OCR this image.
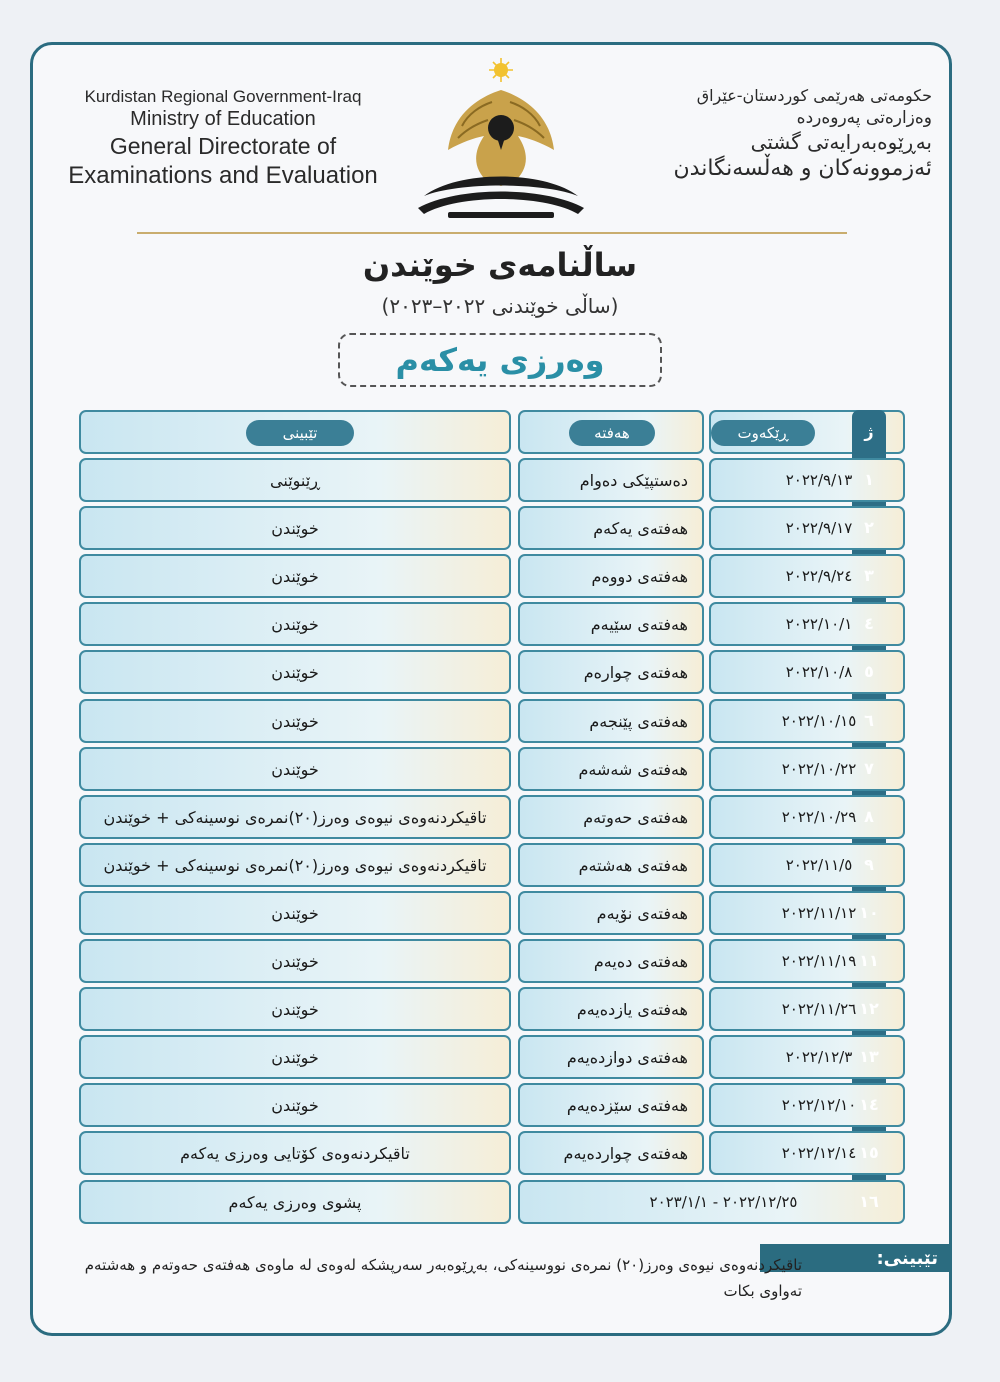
Kurdistan Regional Government-Iraq
Ministry of Education
General Directorate of
Examinations and Evaluation
حکومەتی هەرێمی کوردستان-عێراق
وەزارەتی پەروەردە
بەڕێوەبەرایەتی گشتی
ئەزموونەکان و هەڵسەنگاندن
ساڵنامەی خوێندن
(ساڵی خوێندنی ٢٠٢٢–٢٠٢٣)
وەرزی یەکەم
تێبینی	هەفتە	ڕێکەوت	ژ
ڕێنوێنی	دەستپێکی دەوام	٢٠٢٢/٩/١٣ ١
خوێندن	هەفتەی یەکەم	٢٠٢٢/٩/١٧ ٢
خوێندن	هەفتەی دووەم	٢٠٢٢/٩/٢٤ ٣
خوێندن	هەفتەی سێیەم	٢٠٢٢/١٠/١ ٤
خوێندن	هەفتەی چوارەم	٢٠٢٢/١٠/٨ ٥
خوێندن	هەفتەی پێنجەم	٢٠٢٢/١٠/١٥ ٦
خوێندن	هەفتەی شەشەم	٢٠٢٢/١٠/٢٢ ٧
تاقیکردنەوەی نیوەی وەرز(٢٠)نمرەی نوسینەکی + خوێندن	هەفتەی حەوتەم	٢٠٢٢/١٠/٢٩ ٨
تاقیکردنەوەی نیوەی وەرز(٢٠)نمرەی نوسینەکی + خوێندن	هەفتەی هەشتەم	٢٠٢٢/١١/٥ ٩
خوێندن	هەفتەی نۆیەم	٢٠٢٢/١١/١٢ ١٠
خوێندن	هەفتەی دەیەم	٢٠٢٢/١١/١٩ ١١
خوێندن	هەفتەی یازدەیەم	٢٠٢٢/١١/٢٦ ١٢
خوێندن	هەفتەی دوازدەیەم	٢٠٢٢/١٢/٣ ١٣
خوێندن	هەفتەی سێزدەیەم	٢٠٢٢/١٢/١٠ ١٤
تاقیکردنەوەی کۆتایی وەرزی یەکەم	هەفتەی چواردەیەم	٢٠٢٢/١٢/١٤ ١٥
پشوی وەرزی یەکەم	٢٠٢٢/١٢/٢٥ - ٢٠٢٣/١/١	١٦
تێبینی:
تاقیکردنەوەی نیوەی وەرز(٢٠) نمرەی نووسینەکی، بەڕێوەبەر سەرپشکە لەوەی لە ماوەی هەفتەی حەوتەم و هەشتەم تەواوی بکات
